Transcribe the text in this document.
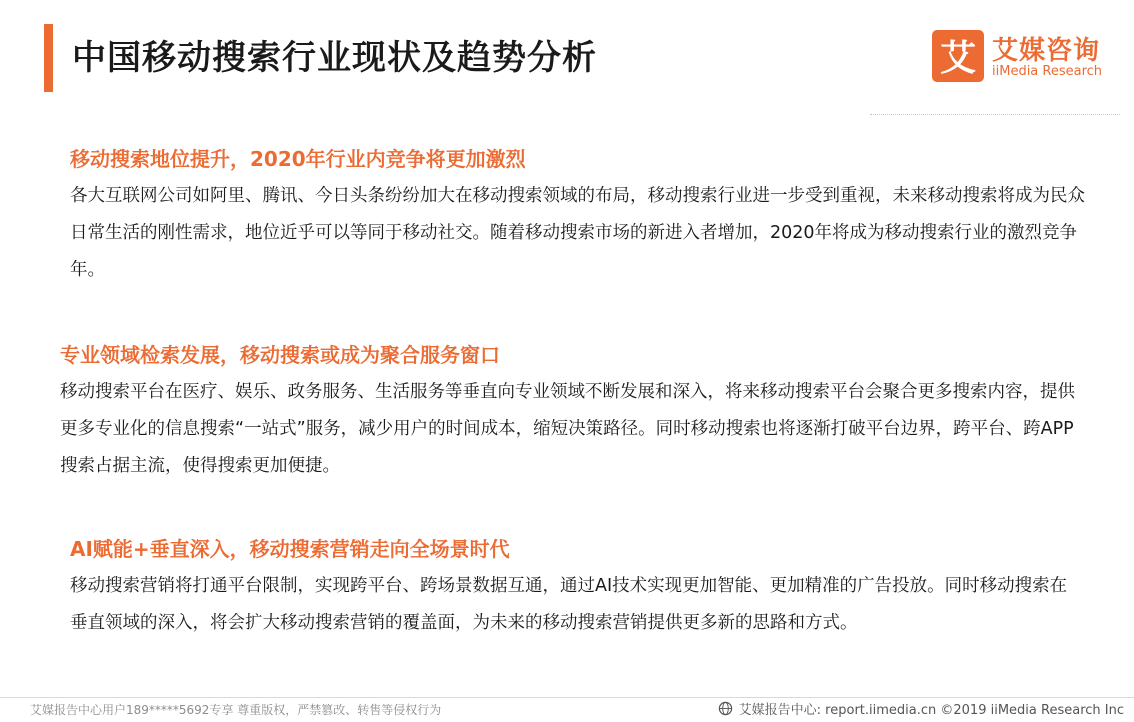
中国移动搜索行业现状及趋势分析	艾 艾媒咨询
iiMedia Research
移动搜索地位提升，2020年行业内竞争将更加激烈
各大互联网公司如阿里、腾讯、今日头条纷纷加大在移动搜索领域的布局，移动搜索行业进一步受到重视，未来移动搜索将成为民众日常生活的刚性需求，地位近乎可以等同于移动社交。随着移动搜索市场的新进入者增加，2020年将成为移动搜索行业的激烈竞争年。
专业领域检索发展，移动搜索或成为聚合服务窗口
移动搜索平台在医疗、娱乐、政务服务、生活服务等垂直向专业领域不断发展和深入，将来移动搜索平台会聚合更多搜索内容，提供更多专业化的信息搜索“一站式”服务，减少用户的时间成本，缩短决策路径。同时移动搜索也将逐渐打破平台边界，跨平台、跨APP搜索占据主流，使得搜索更加便捷。
AI赋能+垂直深入，移动搜索营销走向全场景时代
移动搜索营销将打通平台限制，实现跨平台、跨场景数据互通，通过AI技术实现更加智能、更加精准的广告投放。同时移动搜索在垂直领域的深入，将会扩大移动搜索营销的覆盖面，为未来的移动搜索营销提供更多新的思路和方式。
艾媒报告中心用户189*****5692专享 尊重版权，严禁篡改、转售等侵权行为	艾媒报告中心: report.iimedia.cn ©2019 iiMedia Research Inc
